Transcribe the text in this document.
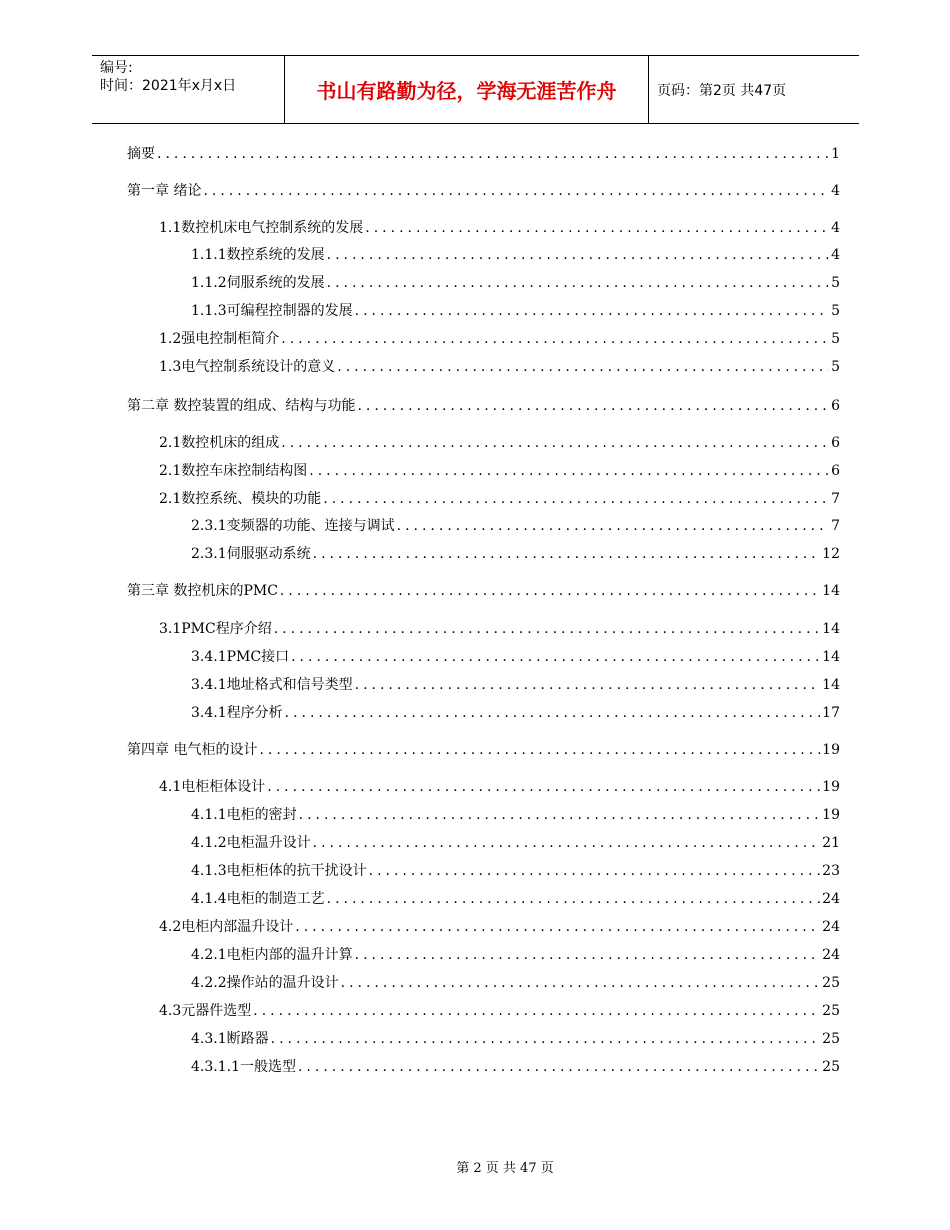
编号:
时间：2021年x月x日	书山有路勤为径，学海无涯苦作舟	页码：第2页 共47页
摘要 .....	1
第一章 绪论 .....	4
1.1数控机床电气控制系统的发展 .....	4
1.1.1数控系统的发展 .....	4
1.1.2伺服系统的发展 .....	5
1.1.3可编程控制器的发展 .....	5
1.2强电控制柜简介 .....	5
1.3电气控制系统设计的意义 .....	5
第二章 数控装置的组成、结构与功能 .....	6
2.1数控机床的组成 .....	6
2.1数控车床控制结构图 .....	6
2.1数控系统、模块的功能 .....	7
2.3.1变频器的功能、连接与调试 .....	7
2.3.1伺服驱动系统 .....	12
第三章 数控机床的PMC .....	14
3.1PMC程序介绍 .....	14
3.4.1PMC接口 .....	14
3.4.1地址格式和信号类型 .....	14
3.4.1程序分析 .....	17
第四章 电气柜的设计 .....	19
4.1电柜柜体设计 .....	19
4.1.1电柜的密封 .....	19
4.1.2电柜温升设计 .....	21
4.1.3电柜柜体的抗干扰设计 .....	23
4.1.4电柜的制造工艺 .....	24
4.2电柜内部温升设计 .....	24
4.2.1电柜内部的温升计算 .....	24
4.2.2操作站的温升设计 .....	25
4.3元器件选型 .....	25
4.3.1断路器 .....	25
4.3.1.1一般选型 .....	25
第 2 页 共 47 页
